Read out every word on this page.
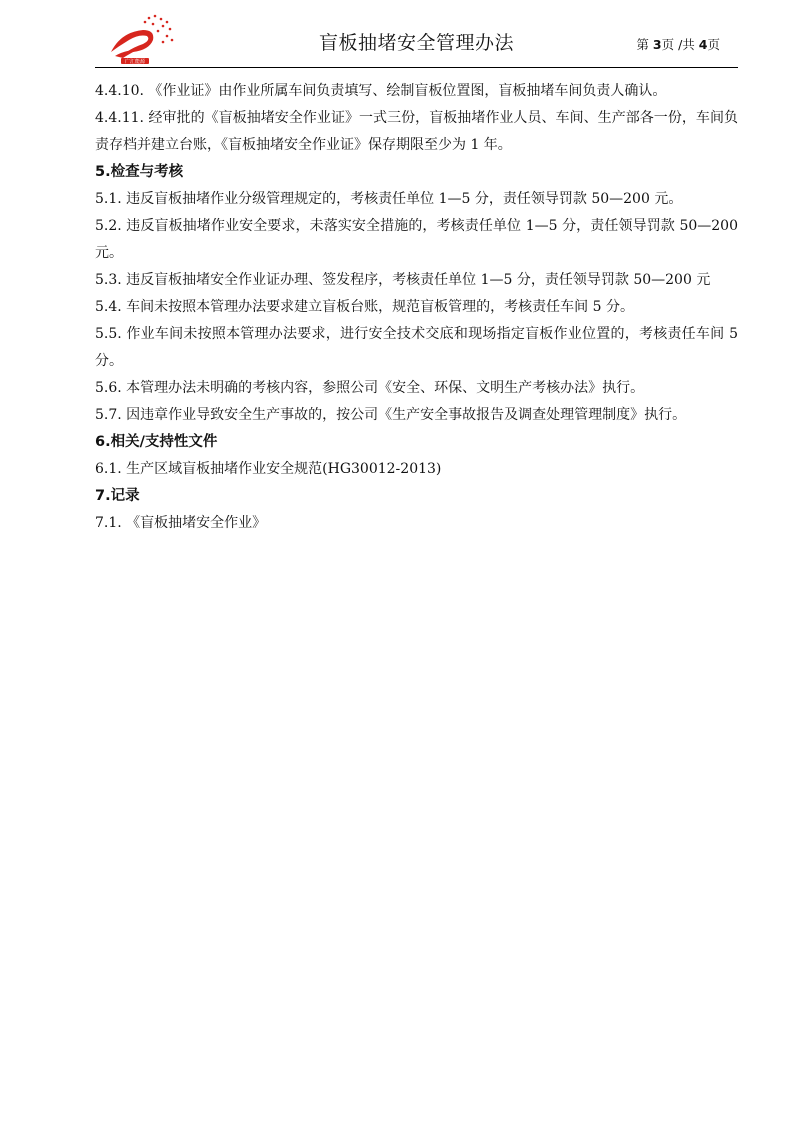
广汇能源
盲板抽堵安全管理办法	第 3页 /共 4页

4.4.10. 《作业证》由作业所属车间负责填写、绘制盲板位置图，盲板抽堵车间负责人确认。

4.4.11. 经审批的《盲板抽堵安全作业证》一式三份，盲板抽堵作业人员、车间、生产部各一份，车间负责存档并建立台账，《盲板抽堵安全作业证》保存期限至少为 1 年。

5.检查与考核

5.1. 违反盲板抽堵作业分级管理规定的，考核责任单位 1—5 分，责任领导罚款 50—200 元。

5.2. 违反盲板抽堵作业安全要求，未落实安全措施的，考核责任单位 1—5 分，责任领导罚款 50—200 元。

5.3. 违反盲板抽堵安全作业证办理、签发程序，考核责任单位 1—5 分，责任领导罚款 50—200 元

5.4. 车间未按照本管理办法要求建立盲板台账，规范盲板管理的，考核责任车间 5 分。

5.5. 作业车间未按照本管理办法要求，进行安全技术交底和现场指定盲板作业位置的，考核责任车间 5 分。

5.6. 本管理办法未明确的考核内容，参照公司《安全、环保、文明生产考核办法》执行。

5.7. 因违章作业导致安全生产事故的，按公司《生产安全事故报告及调查处理管理制度》执行。

6.相关/支持性文件

6.1. 生产区域盲板抽堵作业安全规范(HG30012-2013)

7.记录

7.1. 《盲板抽堵安全作业》
